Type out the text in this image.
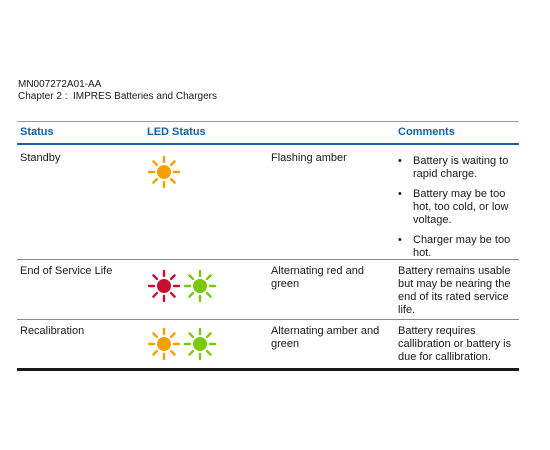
MN007272A01-AA
Chapter 2 :  IMPRES Batteries and Chargers
Status	LED Status	Comments
Standby	Flashing amber
•	Battery is waiting to rapid charge.
• Battery may be too hot, too cold, or low voltage.
• Charger may be too hot.
End of Service Life	Alternating red and green
Battery remains usable but may be nearing the end of its rated service life.
Recalibration	Alternating amber and green
Battery requires callibration or battery is due for callibration.
